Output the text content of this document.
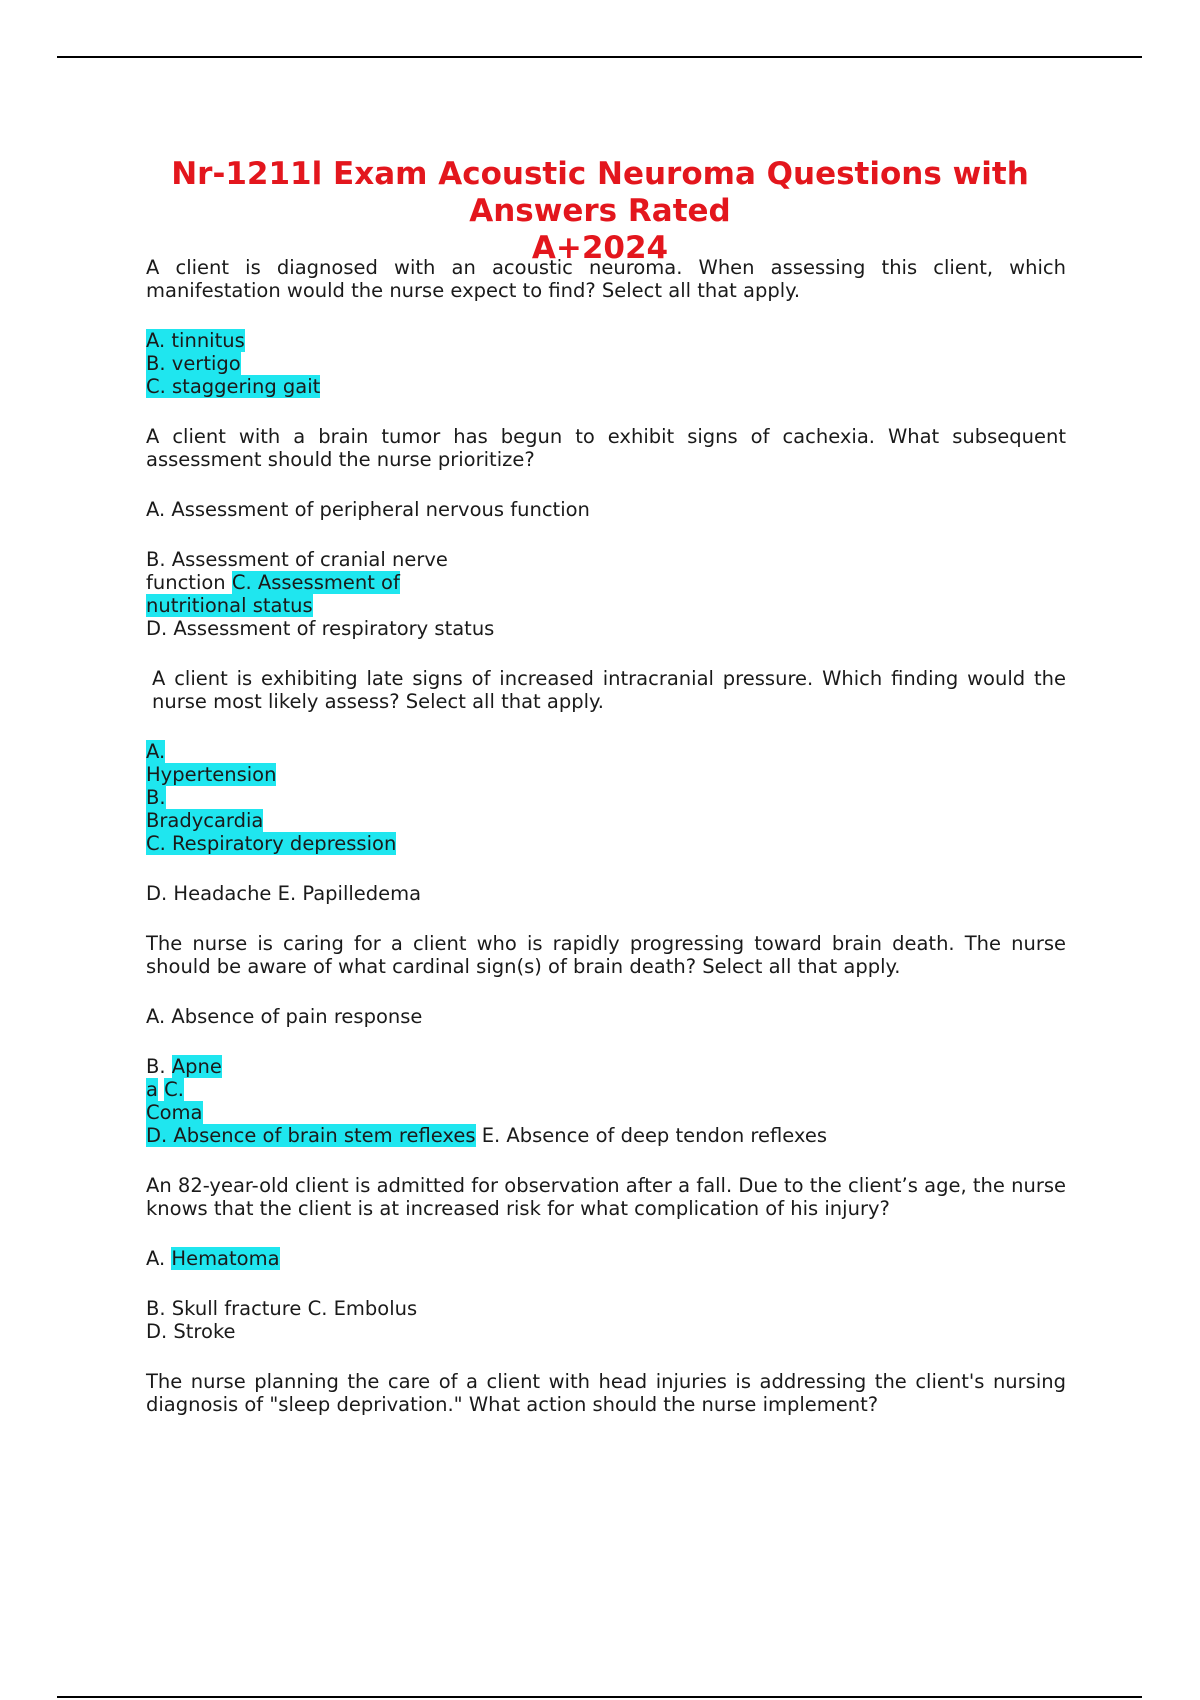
Nr-1211l Exam Acoustic Neuroma Questions with Answers Rated
A+2024

A client is diagnosed with an acoustic neuroma. When assessing this client, which manifestation would the nurse expect to find? Select all that apply.

A. tinnitus

B. vertigo

C. staggering gait

A client with a brain tumor has begun to exhibit signs of cachexia. What subsequent assessment should the nurse prioritize?

A. Assessment of peripheral nervous function

B. Assessment of cranial nerve

function C. Assessment of

nutritional status

D. Assessment of respiratory status

A client is exhibiting late signs of increased intracranial pressure. Which finding would the nurse most likely assess? Select all that apply.

A.

Hypertension

B.

Bradycardia

C. Respiratory depression

D. Headache E. Papilledema

The nurse is caring for a client who is rapidly progressing toward brain death. The nurse should be aware of what cardinal sign(s) of brain death? Select all that apply.

A. Absence of pain response

B. Apne

a C.

Coma

D. Absence of brain stem reflexes E. Absence of deep tendon reflexes

An 82-year-old client is admitted for observation after a fall. Due to the client’s age, the nurse knows that the client is at increased risk for what complication of his injury?

A. Hematoma

B. Skull fracture C. Embolus

D. Stroke

The nurse planning the care of a client with head injuries is addressing the client's nursing diagnosis of "sleep deprivation." What action should the nurse implement?
